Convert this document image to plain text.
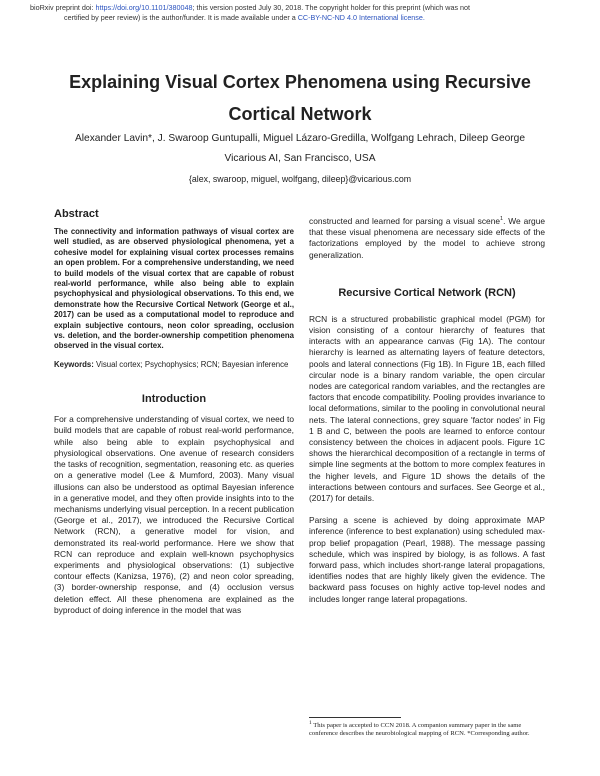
bioRxiv preprint doi: https://doi.org/10.1101/380048; this version posted July 30, 2018. The copyright holder for this preprint (which was not
certified by peer review) is the author/funder. It is made available under a CC-BY-NC-ND 4.0 International license.
Explaining Visual Cortex Phenomena using Recursive Cortical Network
Alexander Lavin*, J. Swaroop Guntupalli, Miguel Lázaro-Gredilla, Wolfgang Lehrach, Dileep George
Vicarious AI, San Francisco, USA
{alex, swaroop, miguel, wolfgang, dileep}@vicarious.com
Abstract

The connectivity and information pathways of visual cortex are well studied, as are observed physiological phenomena, yet a cohesive model for explaining visual cortex processes remains an open problem. For a comprehensive understanding, we need to build models of the visual cortex that are capable of robust real-world performance, while also being able to explain psychophysical and physiological observations. To this end, we demonstrate how the Recursive Cortical Network (George et al., 2017) can be used as a computational model to reproduce and explain subjective contours, neon color spreading, occlusion vs. deletion, and the border-ownership competition phenomena observed in the visual cortex.

Keywords: Visual cortex; Psychophysics; RCN; Bayesian inference

Introduction

For a comprehensive understanding of visual cortex, we need to build models that are capable of robust real-world performance, while also being able to explain psychophysical and physiological observations. One avenue of research considers the tasks of recognition, segmentation, reasoning etc. as queries on a generative model (Lee & Mumford, 2003). Many visual illusions can also be understood as optimal Bayesian inference in a generative model, and they often provide insights into to the mechanisms underlying visual perception. In a recent publication (George et al., 2017), we introduced the Recursive Cortical Network (RCN), a generative model for vision, and demonstrated its real-world performance. Here we show that RCN can reproduce and explain well-known psychophysics experiments and physiological observations: (1) subjective contour effects (Kanizsa, 1976), (2) and neon color spreading, (3) border-ownership response, and (4) occlusion versus deletion effect. All these phenomena are explained as the byproduct of doing inference in the model that was

constructed and learned for parsing a visual scene$^1$. We argue that these visual phenomena are necessary side effects of the factorizations employed by the model to achieve strong generalization.

Recursive Cortical Network (RCN)

RCN is a structured probabilistic graphical model (PGM) for vision consisting of a contour hierarchy of features that interacts with an appearance canvas (Fig 1A). The contour hierarchy is learned as alternating layers of feature detectors, pools and lateral connections (Fig 1B). In Figure 1B, each filled circular node is a binary random variable, the open circular nodes are categorical random variables, and the rectangles are factors that encode compatibility. Pooling provides invariance to local deformations, similar to the pooling in convolutional neural nets. The lateral connections, grey square 'factor nodes' in Fig 1 B and C, between the pools are learned to enforce contour consistency between the choices in adjacent pools. Figure 1C shows the hierarchical decomposition of a rectangle in terms of simple line segments at the bottom to more complex features in the higher levels, and Figure 1D shows the details of the interactions between contours and surfaces. See George et al., (2017) for details.

Parsing a scene is achieved by doing approximate MAP inference (inference to best explanation) using scheduled max-prop belief propagation (Pearl, 1988). The message passing schedule, which was inspired by biology, is as follows. A fast forward pass, which includes short-range lateral propagations, identifies nodes that are highly likely given the evidence. The backward pass focuses on highly active top-level nodes and includes longer range lateral propagations.

$^1$ This paper is accepted to CCN 2018. A companion summary paper in the same conference describes the neurobiological mapping of RCN. *Corresponding author.
